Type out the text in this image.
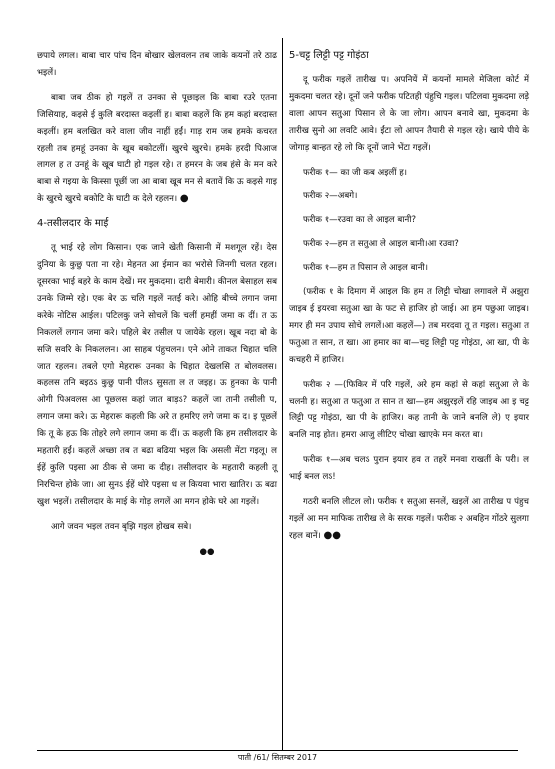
छपाये लगल। बाबा चार पांच दिन बोखार खेलवलन तब जाके कयनों तरे ठाढ भइलें।

बाबा जब ठीक हो गइलें त उनका से पूछाइल कि बाबा रउरे एतना जिसियाह, कइसे ई कुलि बरदास्त कइलीं ह। बाबा कहलें कि हम कहां बरदास्त कइलीं। हम बलखित करे वाला जीव नाहीं हईं। गाड़ राम जब हमके कचरत रहली तब हमहूं उनका के खूब बकोटलीं। खुरचे खुरचे। हमके हरदी पिआज लागल ह त उनहूं के खूब घाटी हो गइल रहे। त हमरन के जब हंसे के मन करे बाबा से गइया के किस्सा पूछीं जा आ बाबा खूब मन से बतावें कि ऊ कइसे गाइ के खुरचे खुरचे बकोटि के घाटी क देले रहलन। ●

4-तसीलदार के माई

तू भाई रहे लोग किसान। एक जाने खेती किसानी में मशगूल रहें। देस दुनिया के कुछु पता ना रहे। मेहनत आ ईमान का भरोसे जिनगी चलत रहल। दूसरका भाई बहरे के काम देखें। मर मुकदमा। दारी बेमारी। कीनल बेसाहल सब उनके जिम्मे रहे। एक बेर ऊ चलि गइलें नतर्ई करे। ओहि बीच्चे लगान जमा करेके नोटिस आईल। पटिलकु जने सोचलें कि चलीं हमहीं जमा क दीं। त ऊ निकललें लगान जमा करे। पहिले बेर तसील प जायेके रहल। खूब नदा बो के सजि सवरि के निकललन। आ साहब पंहुचलन। एने ओने ताकत चिहात चलि जात रहलन। तबले एगो मेहरारू उनका के चिहात देखलसि त बोलवलस। कहलस तनि बइठऽ कुछु पानी पीलऽ सुसता ल त जइह। ऊ हुनका के पानी ओगी पिअवलस आ पूछलस कहां जात बाड़ऽ? कहलें जा तानी तसीली प, लगान जमा करे। ऊ मेहरारू कहली कि अरे त हमरिए लगे जमा क द। इ पूछलें कि तू के हऊ कि तोहरे लगे लगान जमा क दीं। ऊ कहली कि हम तसीलदार के महतारी हईं। कहलें अच्छा तब त बढा बढिया भइल कि असली मेंटा गइलू। ल ईहें कुलि पइसा आ ठीक से जमा क दीह। तसीलदार के महतारी कहली तू निरचिन्त होके जा। आ सुनऽ ईहें थोरे पइसा ध ल कियवा भारा खातिर। ऊ बढा खुश भइलें। तसीलदार के माई के गोड़ लगलें आ मगन होके घरे आ गइलें।

आगे जवन भइल तवन बृझि गइल होखब सबे।

●●

5-चट्ट लिट्टी पट्ट गोइंठा

दू फरीक गइलें तारीख प। अपनियें में कयनों मामले मेजिला कोर्ट में मुकदमा चलत रहे। दूनों जने फरीक पटितही पंहुचि गइल। पटिलवा मुकदमा लड़े वाला आपन सतुआ पिसान ले के जा लोग। आपन बनावे खा, मुकदमा के तारीख सुनो आ लवटि आवे। ईंटा लो आपन तैयारी से गइल रहे। खाये पीये के जोगाड़ बान्हत रहे लो कि दूनों जाने भेंटा गइलें।

फरीक १— का जी कब अइलीं ह।

फरीक २—अबगे।

फरीक १—रउवा का ले आइल बानी?

फरीक २—हम त सतुआ ले आइल बानी।आ रउवा?

फरीक १—हम त पिसान ले आइल बानी।

(फरीक १ के दिमाग में आइल कि हम त लिट्टी चोखा लगावले में अझुरा जाइब ई इयरवा सतुआ खा के फट से हाजिर हो जाई। आ हम पछुआ जाइब। मगर ही मन उपाय सोचे लगलें।आ कहलें—) तब मरदवा तू त गइल। सतुआ त फतुआ त सान, त खा। आ हमार का बा—चट्ट लिट्टी पट्ट गोइंठा, आ खा, पी के कचहरी में हाजिर।

फरीक २ —(फिकिर में परि गइलें, अरे हम कहां से कहां सतुआ ले के चलनी ह। सतुआ त फतुआ त सान त खा—हम अझुरइलें रहि जाइब आ इ चट्ट लिट्टी पट्ट गोइंठा, खा पी के हाजिर। कह तानी के जाने बनलि ले) ए इयार बनलि नाइ होत। हमरा आजु लीटिए चोखा खाएके मन करत बा।

फरीक १—अब चलऽ पुरान इयार हव त तहरें मनवा राखतीं के परी। ल भाई बनल लऽ!

गठरी बनलि लीटल लो। फरीक १ सतुआ सनलें, खइलें आ तारीख प पंहुच गइलें आ मन माफिक तारीख ले के सरक गइलें। फरीक २ अबहिन गोंठरे सुलगा रहल बानें। ●●

पाती /61/ सितम्बर 2017
